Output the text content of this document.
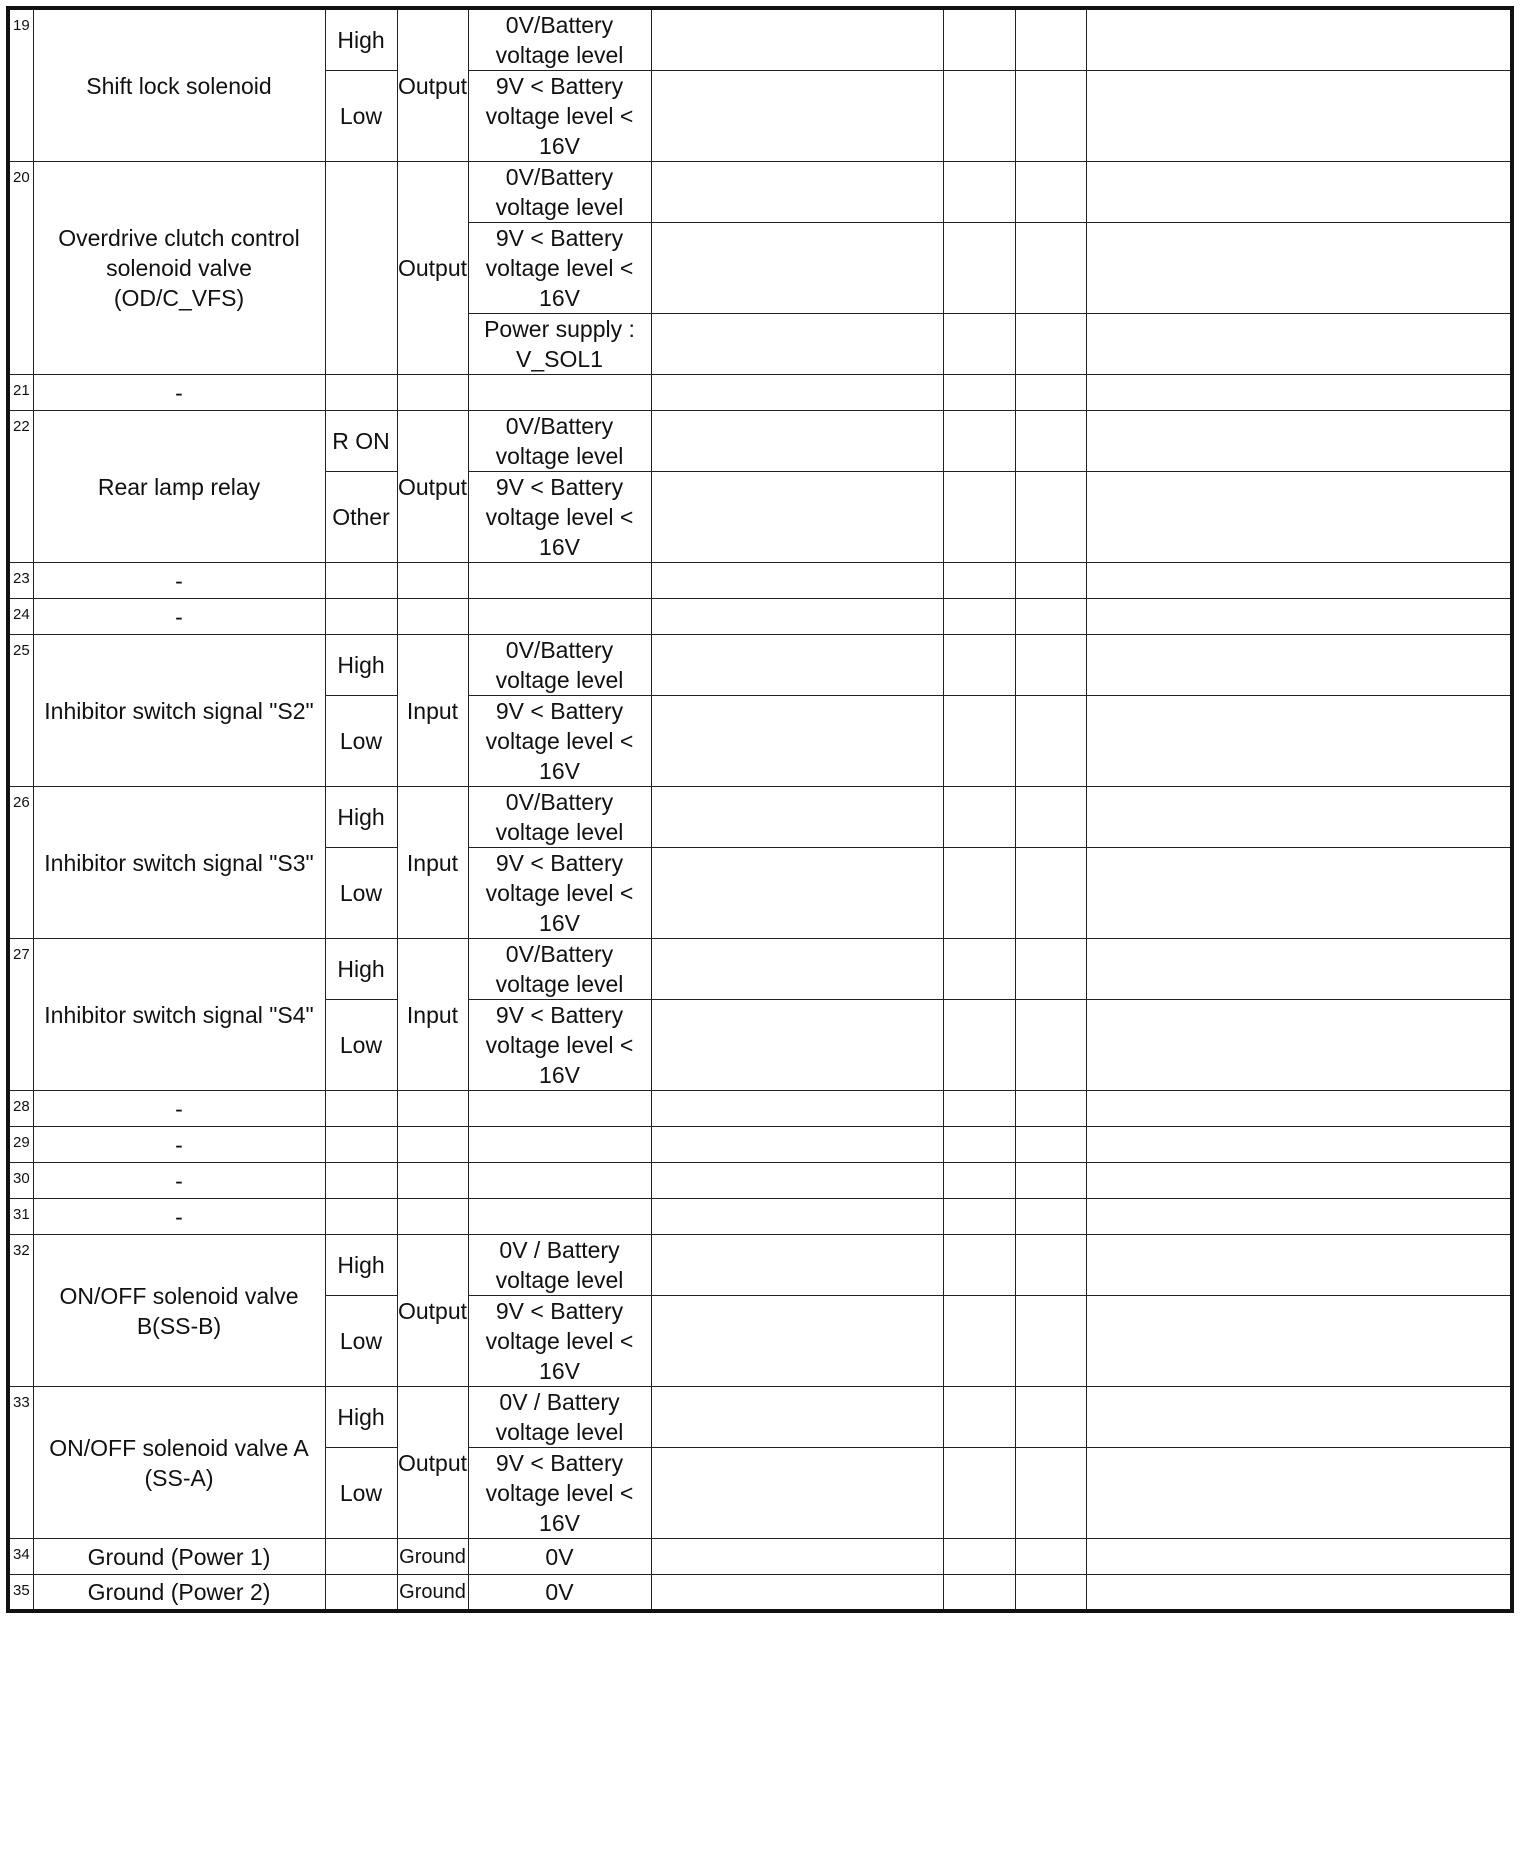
19	Shift lock solenoid	High	Output	0V/Battery voltage level				
		Low		9V < Battery voltage level < 16V				
20	Overdrive clutch control solenoid valve (OD/C_VFS)		Output	0V/Battery voltage level				
				9V < Battery voltage level < 16V				
				Power supply : V_SOL1				
21	-							
22	Rear lamp relay	R ON	Output	0V/Battery voltage level				
		Other		9V < Battery voltage level < 16V				
23	-							
24	-							
25	Inhibitor switch signal "S2"	High	Input	0V/Battery voltage level				
		Low		9V < Battery voltage level < 16V				
26	Inhibitor switch signal "S3"	High	Input	0V/Battery voltage level				
		Low		9V < Battery voltage level < 16V				
27	Inhibitor switch signal "S4"	High	Input	0V/Battery voltage level				
		Low		9V < Battery voltage level < 16V				
28	-							
29	-							
30	-							
31	-							
32	ON/OFF solenoid valve B(SS-B)	High	Output	0V / Battery voltage level				
		Low		9V < Battery voltage level < 16V				
33	ON/OFF solenoid valve A (SS-A)	High	Output	0V / Battery voltage level				
		Low		9V < Battery voltage level < 16V				
34	Ground (Power 1)		Ground	0V				
35	Ground (Power 2)		Ground	0V				
